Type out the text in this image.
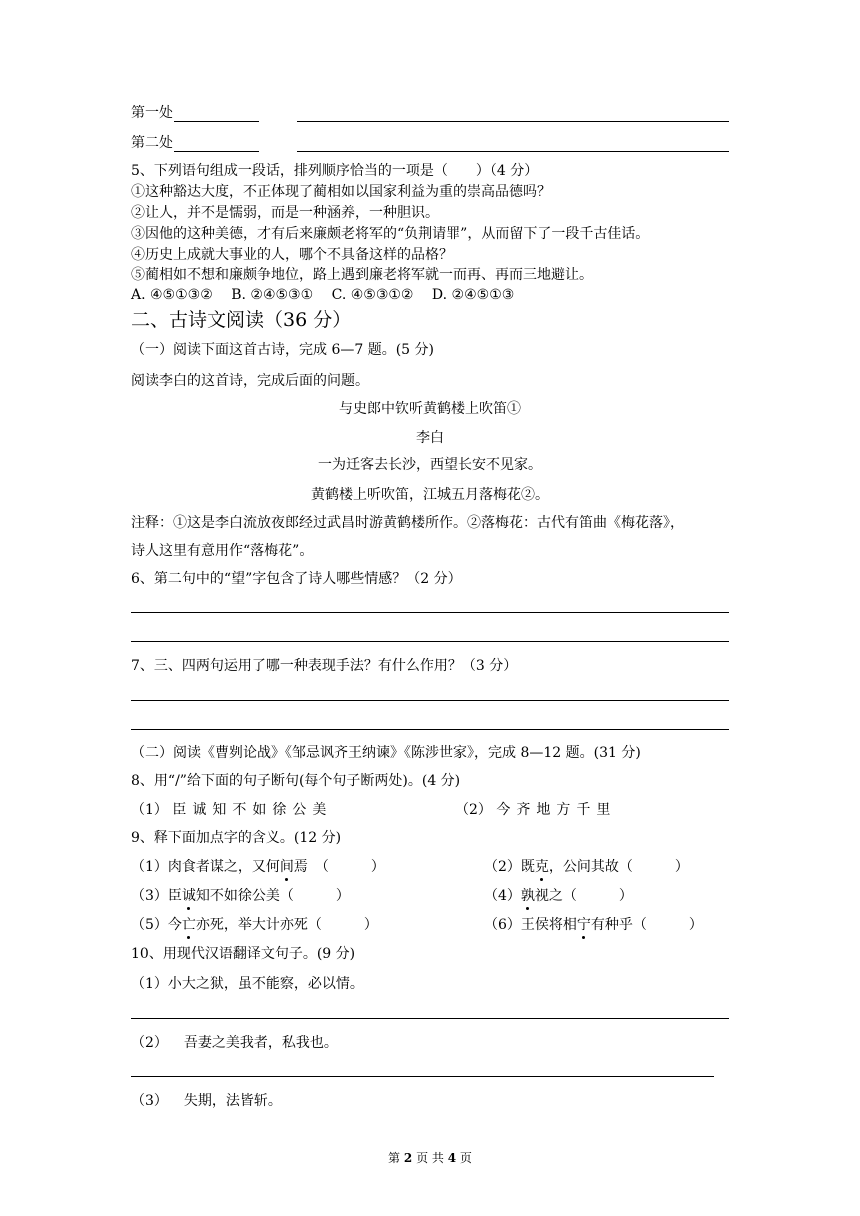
第一处
第二处
5、下列语句组成一段话，排列顺序恰当的一项是（　　）（4 分）
①这种豁达大度，不正体现了蔺相如以国家利益为重的崇高品德吗？
②让人，并不是懦弱，而是一种涵养，一种胆识。
③因他的这种美德，才有后来廉颇老将军的“负荆请罪”，从而留下了一段千古佳话。
④历史上成就大事业的人，哪个不具备这样的品格？
⑤蔺相如不想和廉颇争地位，路上遇到廉老将军就一而再、再而三地避让。
A. ④⑤①③②　 B. ②④⑤③①　 C. ④⑤③①②　 D. ②④⑤①③
二、古诗文阅读（36 分）
（一）阅读下面这首古诗，完成 6—7 题。(5 分)
阅读李白的这首诗，完成后面的问题。
与史郎中钦听黄鹤楼上吹笛①
李白
一为迁客去长沙，西望长安不见家。
黄鹤楼上听吹笛，江城五月落梅花②。
注释：①这是李白流放夜郎经过武昌时游黄鹤楼所作。②落梅花：古代有笛曲《梅花落》，
诗人这里有意用作“落梅花”。
6、第二句中的“望”字包含了诗人哪些情感？（2 分）
7、三、四两句运用了哪一种表现手法？有什么作用？（3 分）
（二）阅读《曹刿论战》《邹忌讽齐王纳谏》《陈涉世家》，完成 8—12 题。(31 分)
8、用“/”给下面的句子断句(每个句子断两处)。(4 分)
（1） 臣诚知不如徐公美	（2） 今齐地方千里
9、释下面加点字的含义。(12 分)
（1）肉食者谋之，又何间焉　（　　　）	（2）既克，公问其故（　　　）
（3）臣诚知不如徐公美（　　　）	（4）孰视之（　　　）
（5）今亡亦死，举大计亦死（　　　）	（6）王侯将相宁有种乎（　　　）
10、用现代汉语翻译文句子。(9 分)
（1）小大之狱，虽不能察，必以情。
（2） 吾妻之美我者，私我也。
（3） 失期，法皆斩。
第 2 页 共 4 页
